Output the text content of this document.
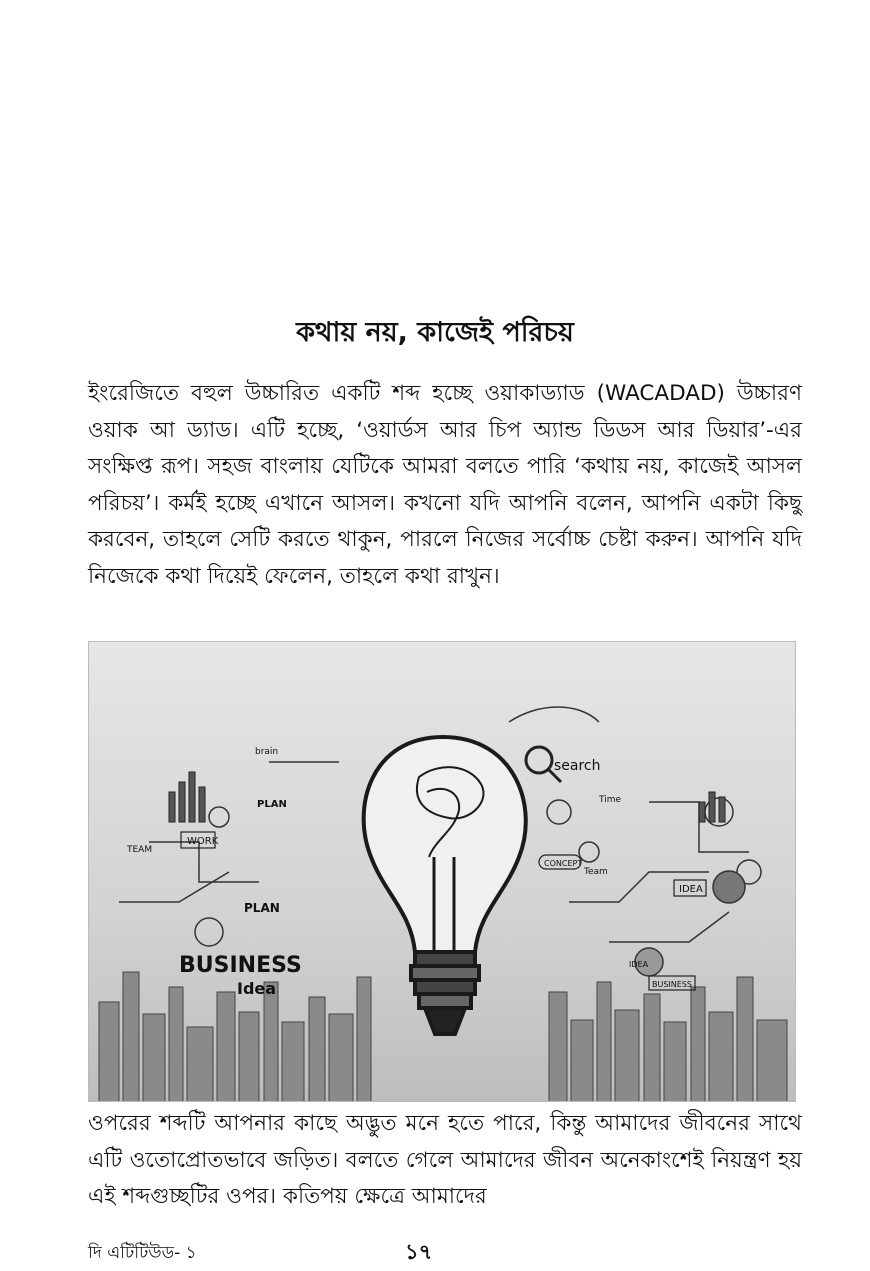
কথায় নয়, কাজেই পরিচয়
ইংরেজিতে বহুল উচ্চারিত একটি শব্দ হচ্ছে ওয়াকাড্যাড (WACADAD) উচ্চারণ ওয়াক আ ড্যাড। এটি হচ্ছে, ‘ওয়ার্ডস আর চিপ অ্যান্ড ডিডস আর ডিয়ার’-এর সংক্ষিপ্ত রূপ। সহজ বাংলায় যেটিকে আমরা বলতে পারি ‘কথায় নয়, কাজেই আসল পরিচয়’। কর্মই হচ্ছে এখানে আসল। কখনো যদি আপনি বলেন, আপনি একটা কিছু করবেন, তাহলে সেটি করতে থাকুন, পারলে নিজের সর্বোচ্চ চেষ্টা করুন। আপনি যদি নিজেকে কথা দিয়েই ফেলেন, তাহলে কথা রাখুন।
BUSINESS
Idea
search
WORK
PLAN
PLAN
TEAM
Time
CONCEPT
Team
IDEA
IDEA
BUSINESS
brain
ওপরের শব্দটি আপনার কাছে অদ্ভুত মনে হতে পারে, কিন্তু আমাদের জীবনের সাথে এটি ওতোপ্রোতভাবে জড়িত। বলতে গেলে আমাদের জীবন অনেকাংশেই নিয়ন্ত্রণ হয় এই শব্দগুচ্ছটির ওপর। কতিপয় ক্ষেত্রে আমাদের
দি এটিটিউড- ১	১৭
